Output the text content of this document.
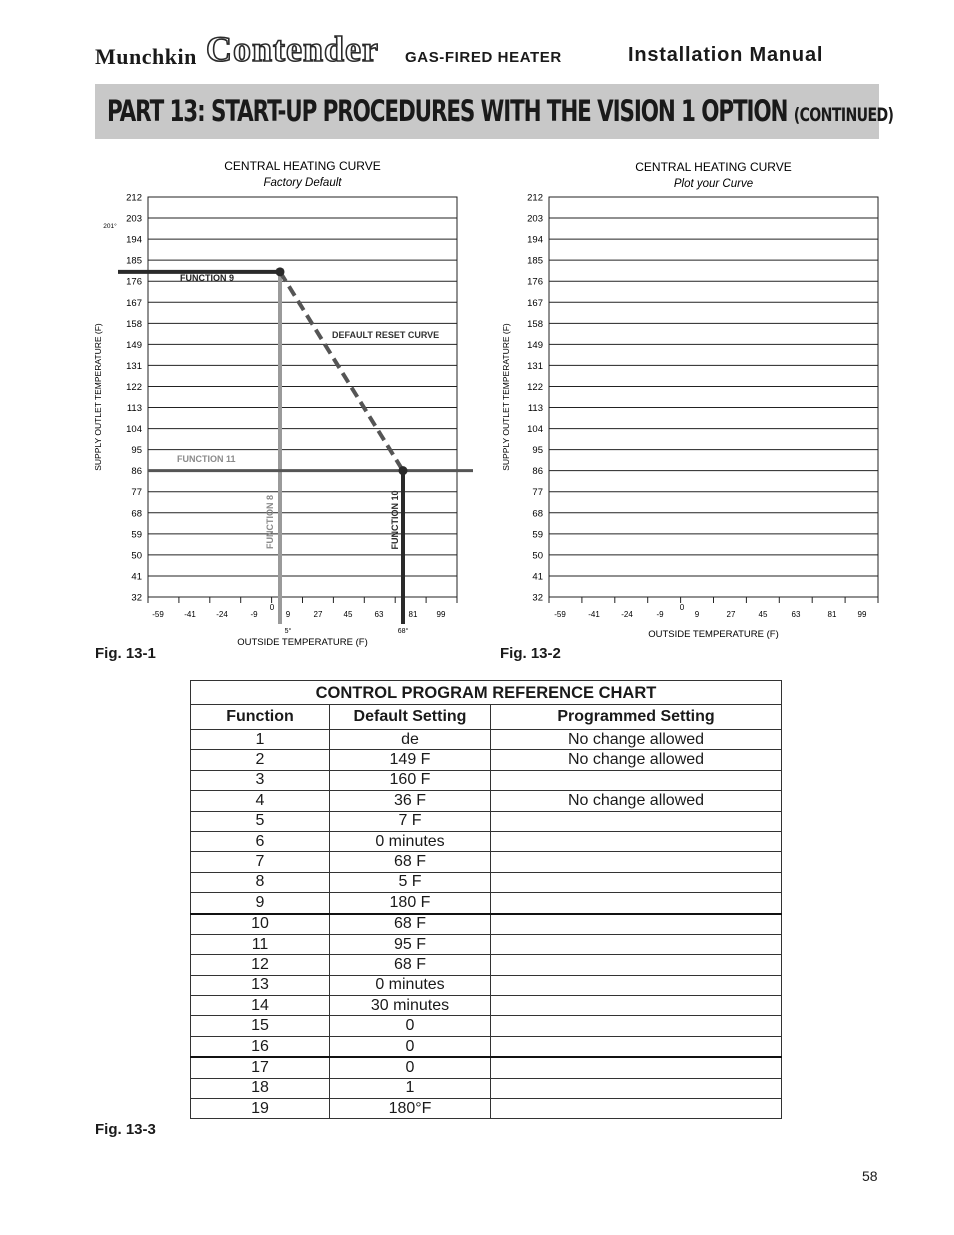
Munchkin Contender GAS-FIRED HEATER	Installation Manual
PART 13: START-UP PROCEDURES WITH THE VISION 1 OPTION (CONTINUED)
CENTRAL HEATING CURVE
Factory Default
212
203
194
185
176
167
158
149
131
122
113
104
95
86
77
68
59
50
41
32
-59	-41	-24	-9
0
9	27	45	63	81 99
OUTSIDE TEMPERATURE (F)
SUPPLY OUTLET TEMPERATURE (F)
FUNCTION 9
DEFAULT RESET CURVE
FUNCTION 11
FUNCTION 8	FUNCTION 10
201°
5°	68°
CENTRAL HEATING CURVE
Plot your Curve
212
203
194
185
176
167
158
149
131
122
113
104
95
86
77
68
59
50
41
32
-59	-41	-24	-9
0
9	27	45	63	81	99
OUTSIDE TEMPERATURE (F)
SUPPLY OUTLET TEMPERATURE (F)
Fig. 13-1	Fig. 13-2
CONTROL PROGRAM REFERENCE CHART		
Function	Default Setting	Programmed Setting
1	de	No change allowed
2	149 F	No change allowed
3	160 F	
4	36 F	No change allowed
5	7 F	
6	0 minutes	
7	68 F	
8	5 F	
9	180 F	
10	68 F	
11	95 F	
12	68 F	
13	0 minutes	
14	30 minutes	
15	0	
16	0	
17	0	
18	1	
19	180°F	
Fig. 13-3
58
